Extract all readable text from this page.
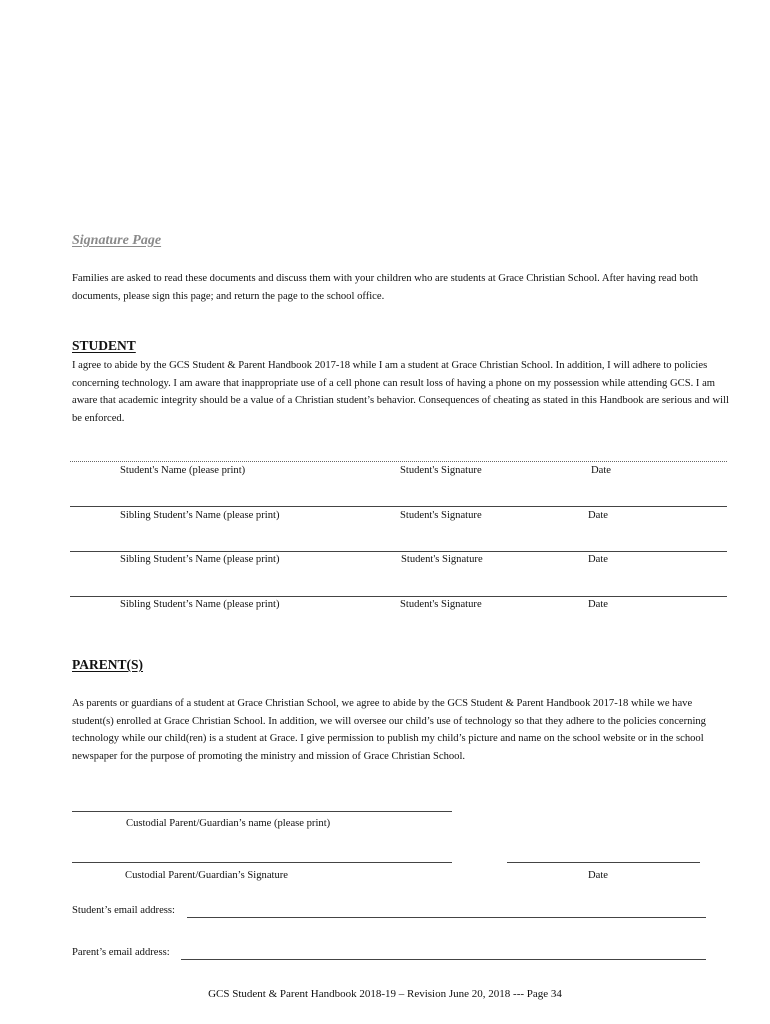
Signature Page
Families are asked to read these documents and discuss them with your children who are students at Grace Christian School. After having read both documents, please sign this page; and return the page to the school office.
STUDENT
I agree to abide by the GCS Student & Parent Handbook 2017-18 while I am a student at Grace Christian School. In addition, I will adhere to policies concerning technology. I am aware that inappropriate use of a cell phone can result loss of having a phone on my possession while attending GCS. I am aware that academic integrity should be a value of a Christian student’s behavior. Consequences of cheating as stated in this Handbook are serious and will be enforced.
Student's Name (please print)	Student's Signature	Date
Sibling Student’s Name (please print)	Student's Signature	Date
Sibling Student’s Name (please print)	Student's Signature	Date
Sibling Student’s Name (please print)	Student's Signature	Date
PARENT(S)
As parents or guardians of a student at Grace Christian School, we agree to abide by the GCS Student & Parent Handbook 2017-18 while we have student(s) enrolled at Grace Christian School. In addition, we will oversee our child’s use of technology so that they adhere to the policies concerning technology while our child(ren) is a student at Grace. I give permission to publish my child’s picture and name on the school website or in the school newspaper for the purpose of promoting the ministry and mission of Grace Christian School.
Custodial Parent/Guardian’s name (please print)
Custodial Parent/Guardian’s Signature	Date
Student’s email address:
Parent’s email address:
GCS Student & Parent Handbook 2018-19 – Revision June 20, 2018 --- Page 34
